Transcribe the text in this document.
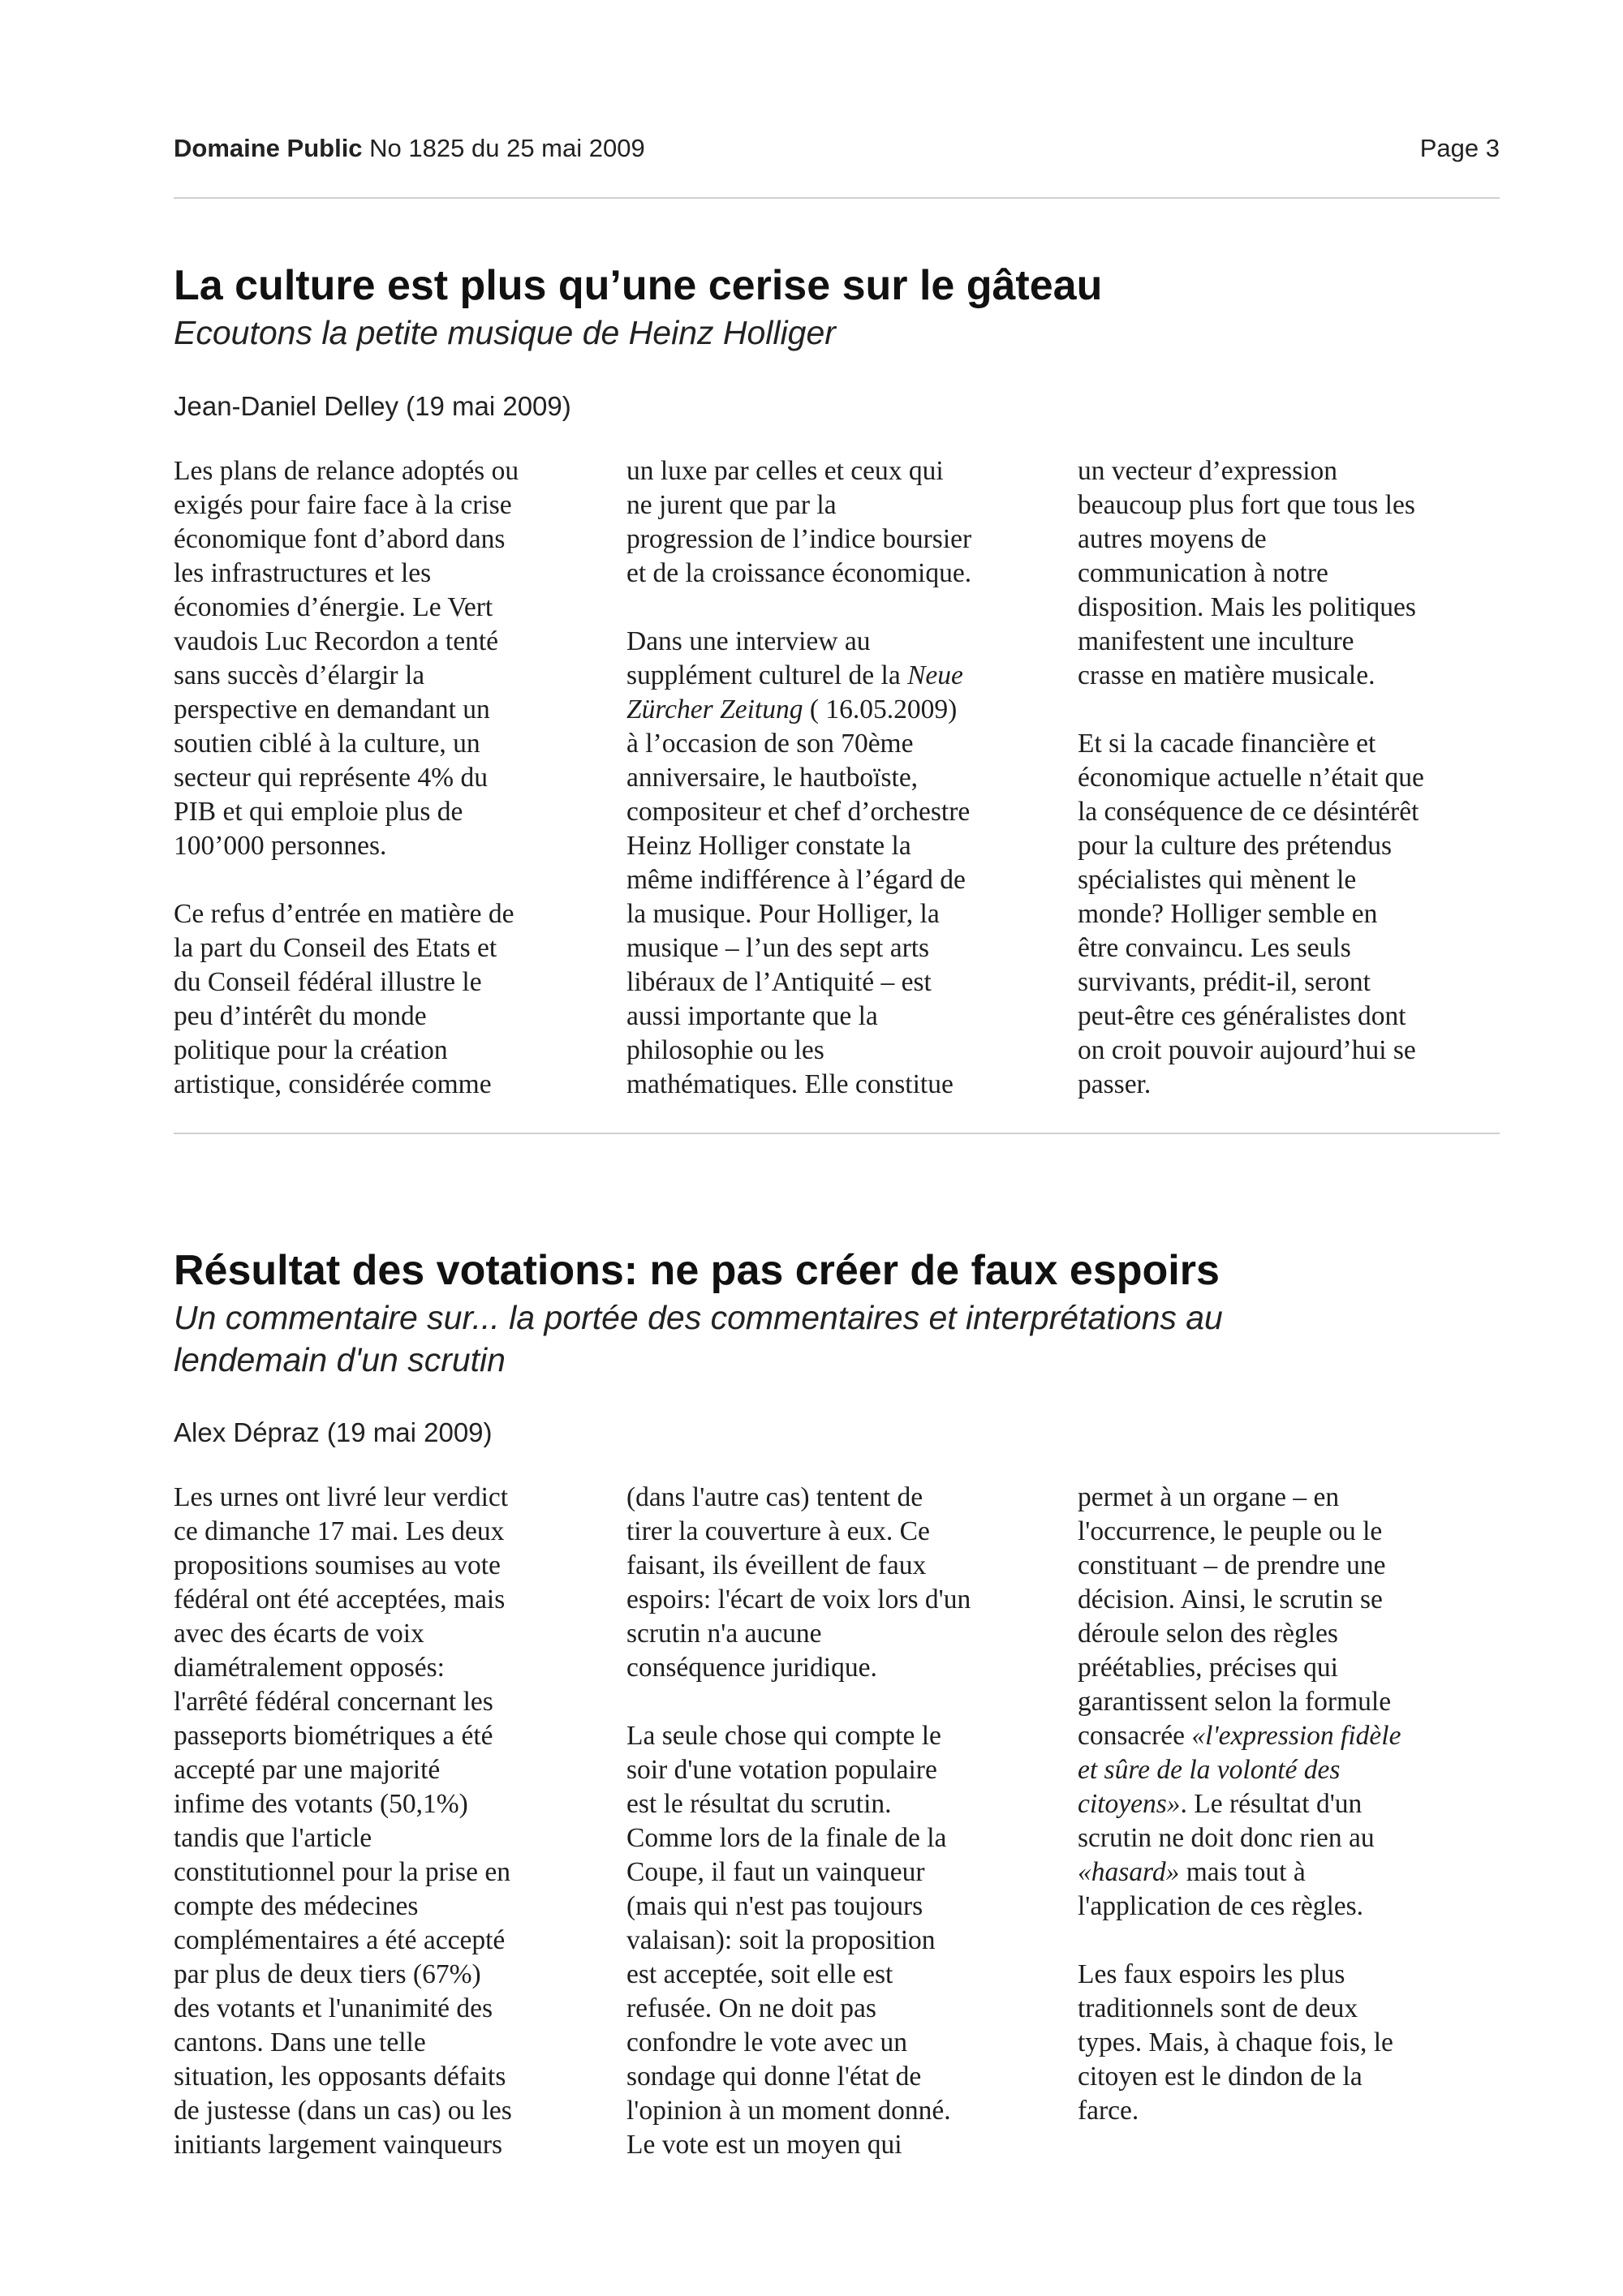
Domaine Public No 1825 du 25 mai 2009	Page 3
La culture est plus qu’une cerise sur le gâteau
Ecoutons la petite musique de Heinz Holliger
Jean-Daniel Delley (19 mai 2009)

Les plans de relance adoptés ou
exigés pour faire face à la crise
économique font d’abord dans
les infrastructures et les
économies d’énergie. Le Vert
vaudois Luc Recordon a tenté
sans succès d’élargir la
perspective en demandant un
soutien ciblé à la culture, un
secteur qui représente 4% du
PIB et qui emploie plus de
100’000 personnes.

Ce refus d’entrée en matière de
la part du Conseil des Etats et
du Conseil fédéral illustre le
peu d’intérêt du monde
politique pour la création
artistique, considérée comme

un luxe par celles et ceux qui
ne jurent que par la
progression de l’indice boursier
et de la croissance économique.

Dans une interview au
supplément culturel de la Neue
Zürcher Zeitung ( 16.05.2009)
à l’occasion de son 70ème
anniversaire, le hautboïste,
compositeur et chef d’orchestre
Heinz Holliger constate la
même indifférence à l’égard de
la musique. Pour Holliger, la
musique – l’un des sept arts
libéraux de l’Antiquité – est
aussi importante que la
philosophie ou les
mathématiques. Elle constitue

un vecteur d’expression
beaucoup plus fort que tous les
autres moyens de
communication à notre
disposition. Mais les politiques
manifestent une inculture
crasse en matière musicale.

Et si la cacade financière et
économique actuelle n’était que
la conséquence de ce désintérêt
pour la culture des prétendus
spécialistes qui mènent le
monde? Holliger semble en
être convaincu. Les seuls
survivants, prédit-il, seront
peut-être ces généralistes dont
on croit pouvoir aujourd’hui se
passer.

Résultat des votations: ne pas créer de faux espoirs
Un commentaire sur... la portée des commentaires et interprétations au
lendemain d'un scrutin
Alex Dépraz (19 mai 2009)

Les urnes ont livré leur verdict
ce dimanche 17 mai. Les deux
propositions soumises au vote
fédéral ont été acceptées, mais
avec des écarts de voix
diamétralement opposés:
l'arrêté fédéral concernant les
passeports biométriques a été
accepté par une majorité
infime des votants (50,1%)
tandis que l'article
constitutionnel pour la prise en
compte des médecines
complémentaires a été accepté
par plus de deux tiers (67%)
des votants et l'unanimité des
cantons. Dans une telle
situation, les opposants défaits
de justesse (dans un cas) ou les
initiants largement vainqueurs

(dans l'autre cas) tentent de
tirer la couverture à eux. Ce
faisant, ils éveillent de faux
espoirs: l'écart de voix lors d'un
scrutin n'a aucune
conséquence juridique.

La seule chose qui compte le
soir d'une votation populaire
est le résultat du scrutin.
Comme lors de la finale de la
Coupe, il faut un vainqueur
(mais qui n'est pas toujours
valaisan): soit la proposition
est acceptée, soit elle est
refusée. On ne doit pas
confondre le vote avec un
sondage qui donne l'état de
l'opinion à un moment donné.
Le vote est un moyen qui

permet à un organe – en
l'occurrence, le peuple ou le
constituant – de prendre une
décision. Ainsi, le scrutin se
déroule selon des règles
préétablies, précises qui
garantissent selon la formule
consacrée «l'expression fidèle
et sûre de la volonté des
citoyens». Le résultat d'un
scrutin ne doit donc rien au
«hasard» mais tout à
l'application de ces règles.

Les faux espoirs les plus
traditionnels sont de deux
types. Mais, à chaque fois, le
citoyen est le dindon de la
farce.
